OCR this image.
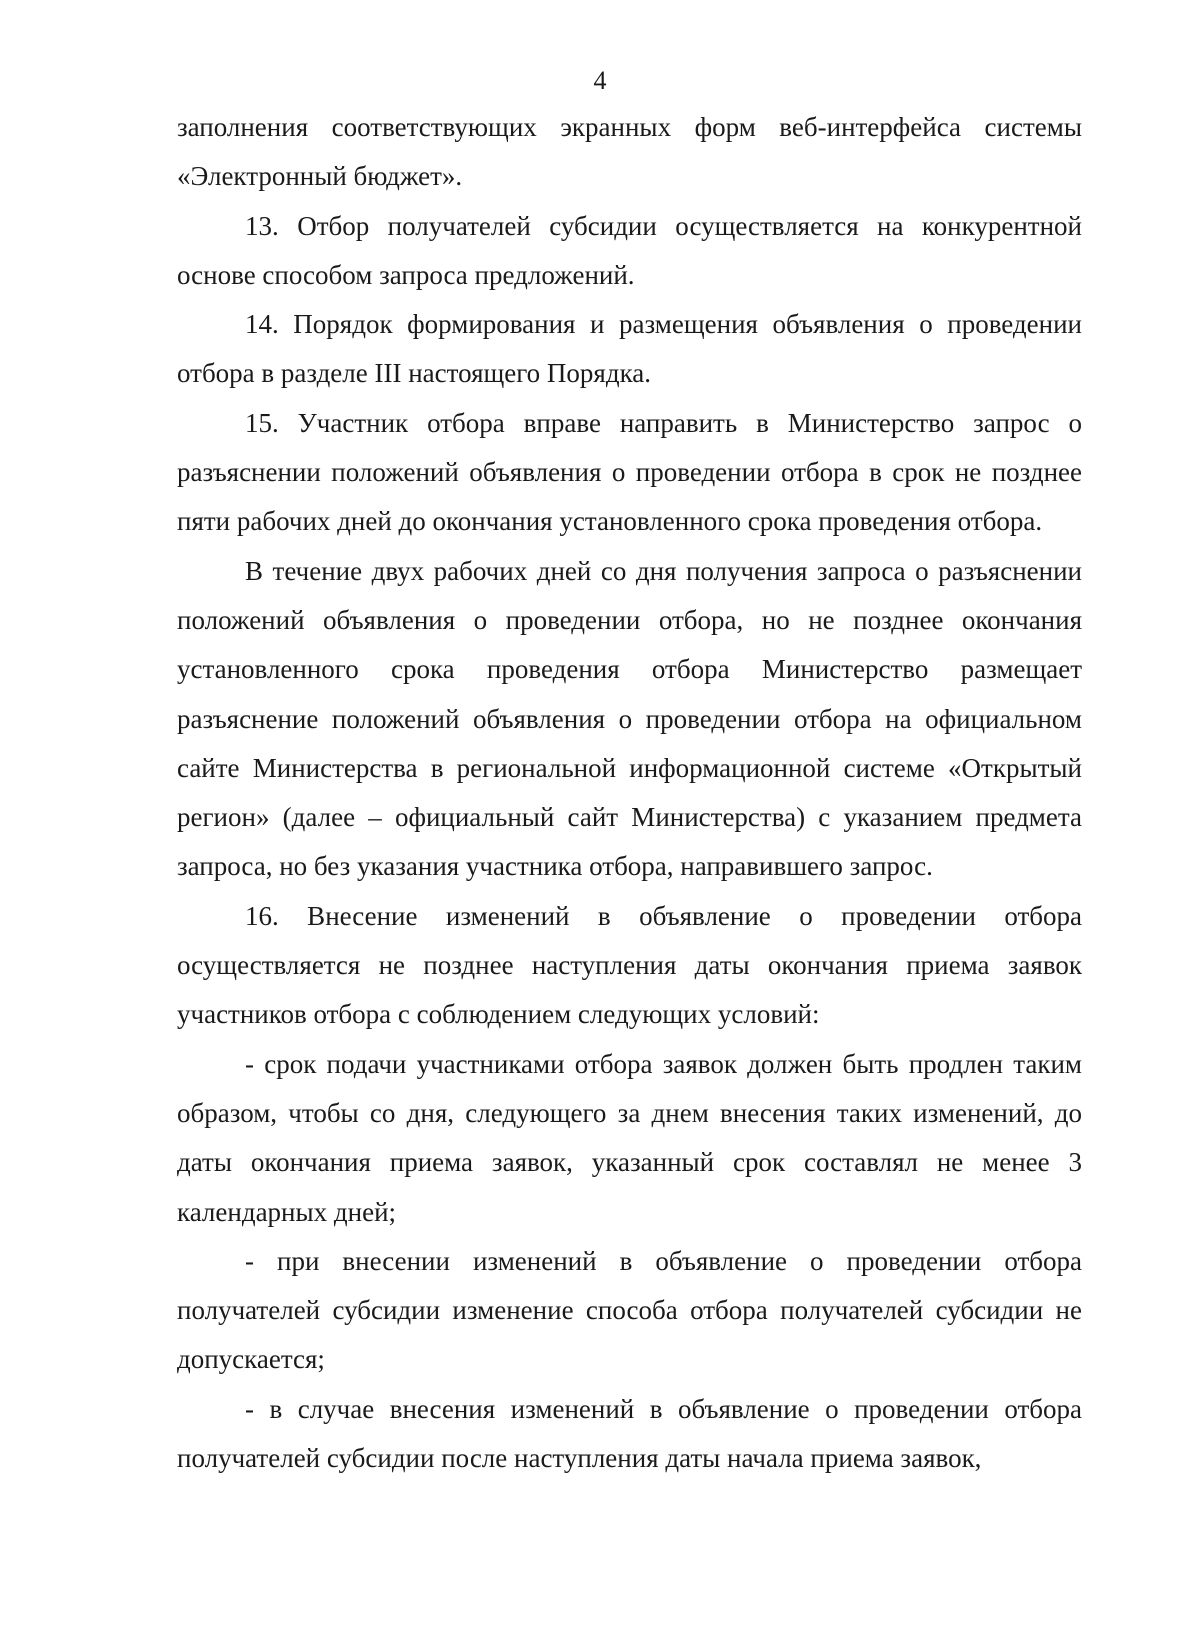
4

заполнения соответствующих экранных форм веб-интерфейса системы «Электронный бюджет».

13. Отбор получателей субсидии осуществляется на конкурентной основе способом запроса предложений.

14. Порядок формирования и размещения объявления о проведении отбора в разделе III настоящего Порядка.

15. Участник отбора вправе направить в Министерство запрос о разъяснении положений объявления о проведении отбора в срок не позднее пяти рабочих дней до окончания установленного срока проведения отбора.

В течение двух рабочих дней со дня получения запроса о разъяснении положений объявления о проведении отбора, но не позднее окончания установленного срока проведения отбора Министерство размещает разъяснение положений объявления о проведении отбора на официальном сайте Министерства в региональной информационной системе «Открытый регион» (далее – официальный сайт Министерства) с указанием предмета запроса, но без указания участника отбора, направившего запрос.

16. Внесение изменений в объявление о проведении отбора осуществляется не позднее наступления даты окончания приема заявок участников отбора с соблюдением следующих условий:

- срок подачи участниками отбора заявок должен быть продлен таким образом, чтобы со дня, следующего за днем внесения таких изменений, до даты окончания приема заявок, указанный срок составлял не менее 3 календарных дней;

- при внесении изменений в объявление о проведении отбора получателей субсидии изменение способа отбора получателей субсидии не допускается;

- в случае внесения изменений в объявление о проведении отбора получателей субсидии после наступления даты начала приема заявок,
